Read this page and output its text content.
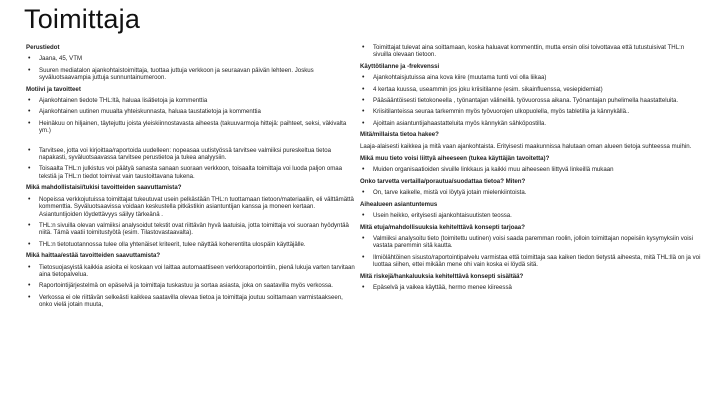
Toimittaja
Perustiedot
• Jaana, 45, VTM
• Suuren mediatalon ajankohtaistoimittaja, tuottaa juttuja verkkoon ja seuraavan päivän lehteen. Joskus syväluotsaavampia juttuja sunnuntainumeroon.
Motiivi ja tavoitteet
• Ajankohtainen tiedote THL:ltä, haluaa lisätietoja ja kommenttia
• Ajankohtainen uutinen muualta yhteiskunnasta, haluaa taustatietoja ja kommenttia
• Heinäkuu on hiljainen, täytejuttu joista yleiskiinnostavasta aiheesta (takuuvarmoja hittejä: paihteet, seksi, väkivalta ym.)
• Tarvitsee, jotta voi kirjoittaa/raportoida uudelleen: nopeasaa uutistyössä tarvitsee valmiiksi pureskeltua tietoa napakasti, syväluotsaavassa tarvitsee perustietoa ja tukea analyysiin.
• Toisaalta THL:n julkistus voi päätyä sanasta sanaan suoraan verkkoon, toisaalta toimittaja voi luoda paljon omaa tekstiä ja THL:n tiedot toimivat vain taustoittavana tukena.
Mikä mahdollistaisi/tukisi tavoitteiden saavuttamista?
• Nopeissa verkkojutuissa toimittajat tukeutuvat usein pelkästään THL:n tuottamaan tietoon/materiaaliin, eli välttämättä kommenttia. Syväluotsaavissa voidaan keskustella pitkästikin asiantuntijan kanssa ja moneen kertaan. Asiantuntijoiden löydettävyys säilyy tärkeänä .
• THL:n sivuilla olevan valmiiksi analysoidut tekstit ovat riittävän hyvä laatuisia, jotta toimittaja voi suoraan hyödyntää niitä. Tämä vaatii toimitustyötä (esim. Tilastovastaavalta).
• THL:n tietotuotannossa tulee olla yhtenäiset kriteerit, tulee näyttää koherentilta ulospäin käyttäjälle.
Mikä haittaa/estää tavoitteiden saavuttamista?
• Tietosuojasyistä kaikkia asioita ei koskaan voi laittaa automaattiseen verkkoraportointiin, pienä lukuja varten tarvitaan aina tietopalvelua.
• Raportointijärjestelmä on epäselvä ja toimittaja tuskastuu ja sortaa asiasta, joka on saatavilla myös verkossa.
• Verkossa ei ole riittävän selkeästi kaikkea saatavilla olevaa tietoa ja toimittaja joutuu soittamaan varmistaakseen, onko vielä jotain muuta,
• Toimittajat tulevat aina soittamaan, koska haluavat kommenttin, mutta ensin olisi toivottavaa että tutustuisivat THL:n sivuilla olevaan tietoon.
Käyttötilanne ja -frekvenssi
• Ajankohtaisjutuissa aina kova kiire (muutama tunti voi olla liikaa)
• 4 kertaa kuussa, useammin jos joku kriisitilanne (esim. sikainfluenssa, vesiepidemiat)
• Pääsääntöisesti tietokoneella , työnantajan välineillä. työvuorossa aikana. Työnantajan puhelimella haastatteluita.
• Kriisitilanteissa seuraa tarkemmin myös työvuorojen ulkopuolella, myös tabletilla ja kännykällä..
• Ajoittain asiantuntijahaastatteluita myös kännykän sähköpostilla.
Mitä/millaista tietoa hakee?
Laaja-alaisesti kaikkea ja mitä vaan ajankohtaista. Erityisesti maakunnissa halutaan oman alueen tietoja suhteessa muihin.
Mikä muu tieto voisi liittyä aiheeseen (tukea käyttäjän tavoitetta)?
• Muiden organisaatioiden sivuille linkkaus ja kaikki muu aiheeseen liittyvä linkeillä mukaan
Onko tarvetta vertailla/porautua/suodattaa tietoa? Miten?
• On, tarve kaikelle, mistä voi löytyä jotain mielenkiintoista.
Aihealueen asiantuntemus
• Usein heikko, erityisesti ajankohtaisuutisten teossa.
Mitä etuja/mahdollisuuksia kehitelttävä konsepti tarjoaa?
• Valmiiksi analysoitu tieto (toimitettu uutinen) voisi saada paremman roolin, jolloin toimittajan nopeisiin kysymyksiin voisi vastata paremmin sitä kautta.
• Ilmiölähtöinen sisusto/raportointipalvelu varmistaa että toimittaja saa kaiken tiedon tietystä aiheesta, mitä THL:llä on ja voi luottaa siihen, ettei mikään mene ohi vain koska ei löydä sitä.
Mitä riskejä/hankaluuksia kehitelttävä konsepti sisältää?
• Epäselvä ja vaikea käyttää, hermo menee kiireessä
